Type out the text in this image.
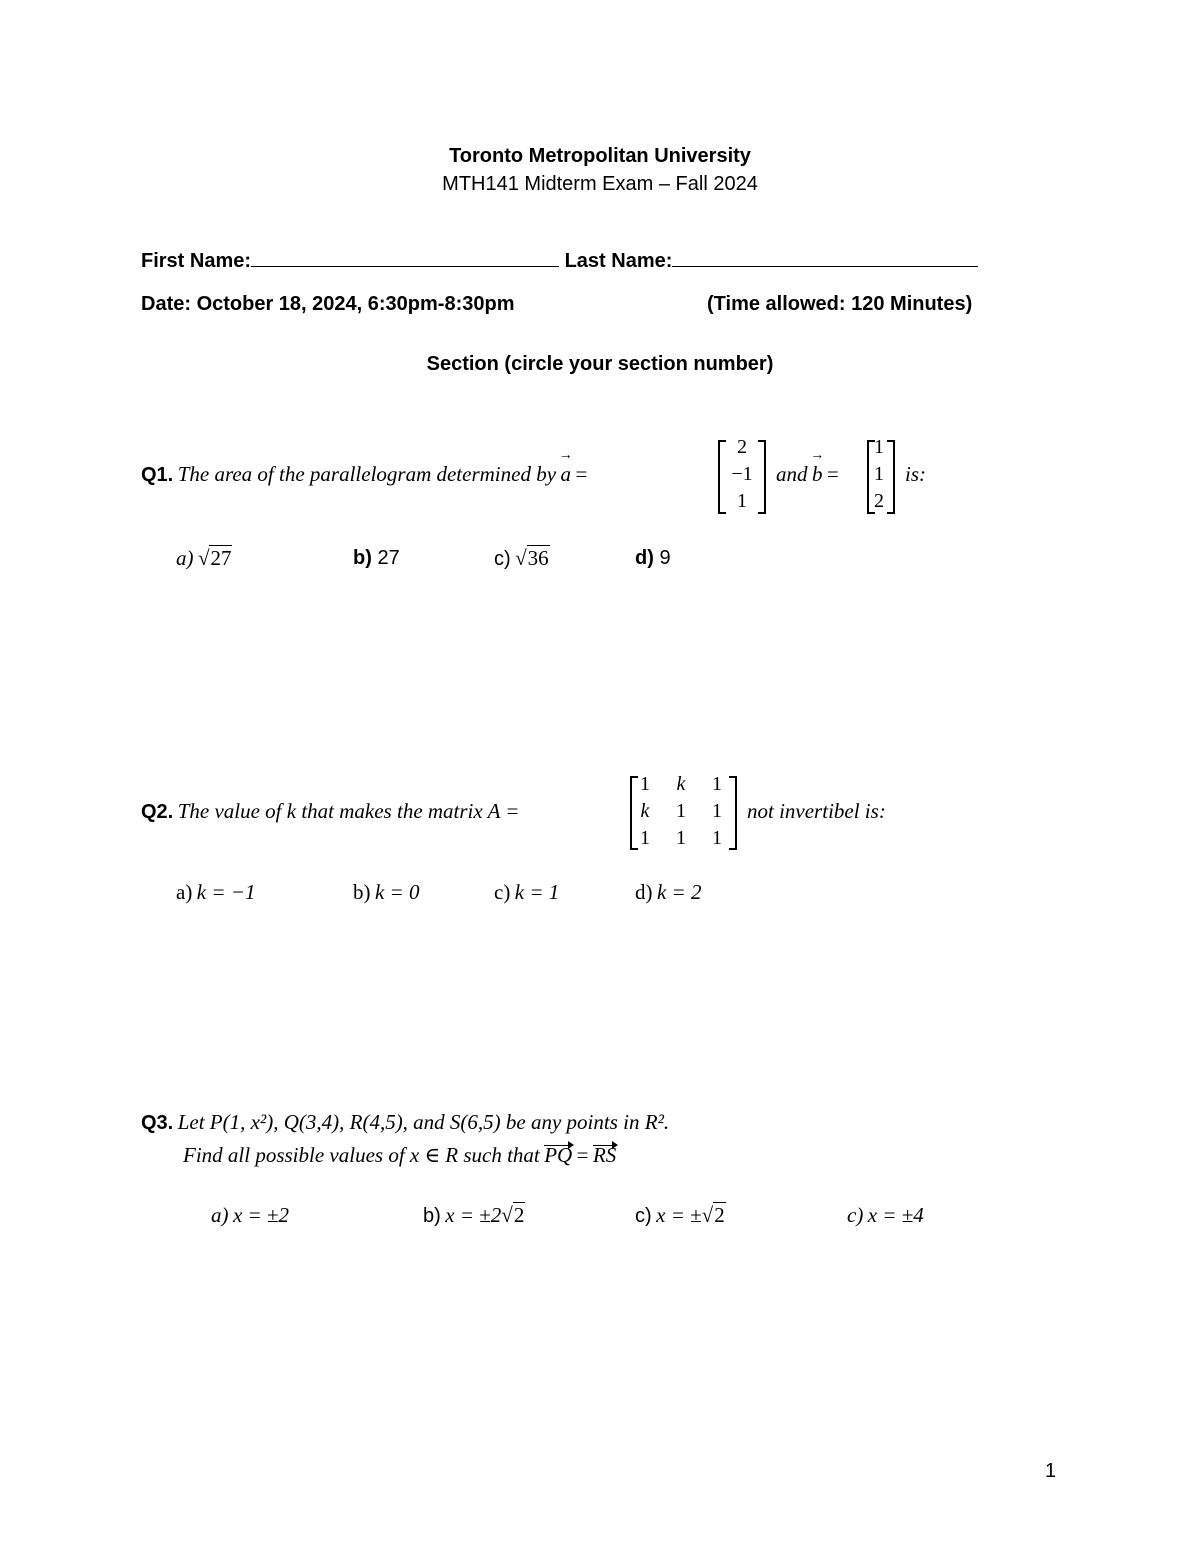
Toronto Metropolitan University
MTH141 Midterm Exam – Fall 2024
First Name:	Last Name:
Date: October 18, 2024, 6:30pm-8:30pm	(Time allowed: 120 Minutes)
Section (circle your section number)
Q1. The area of the parallelogram determined by → a =
2
−1
1
and → b =
1
1
2
is:
a) √27	b) 27	c) √36	d) 9
Q2. The value of k that makes the matrix A =
1 k 1
k 1 1
1 1 1
not invertibel is:
a) k = −1	b) k = 0	c) k = 1	d) k = 2
Q3. Let P(1, x²), Q(3,4), R(4,5), and S(6,5) be any points in R².
Find all possible values of x ∈ R such that PQ = RS
a) x = ±2	b) x = ±2√2	c) x = ±√2	c) x = ±4
1
